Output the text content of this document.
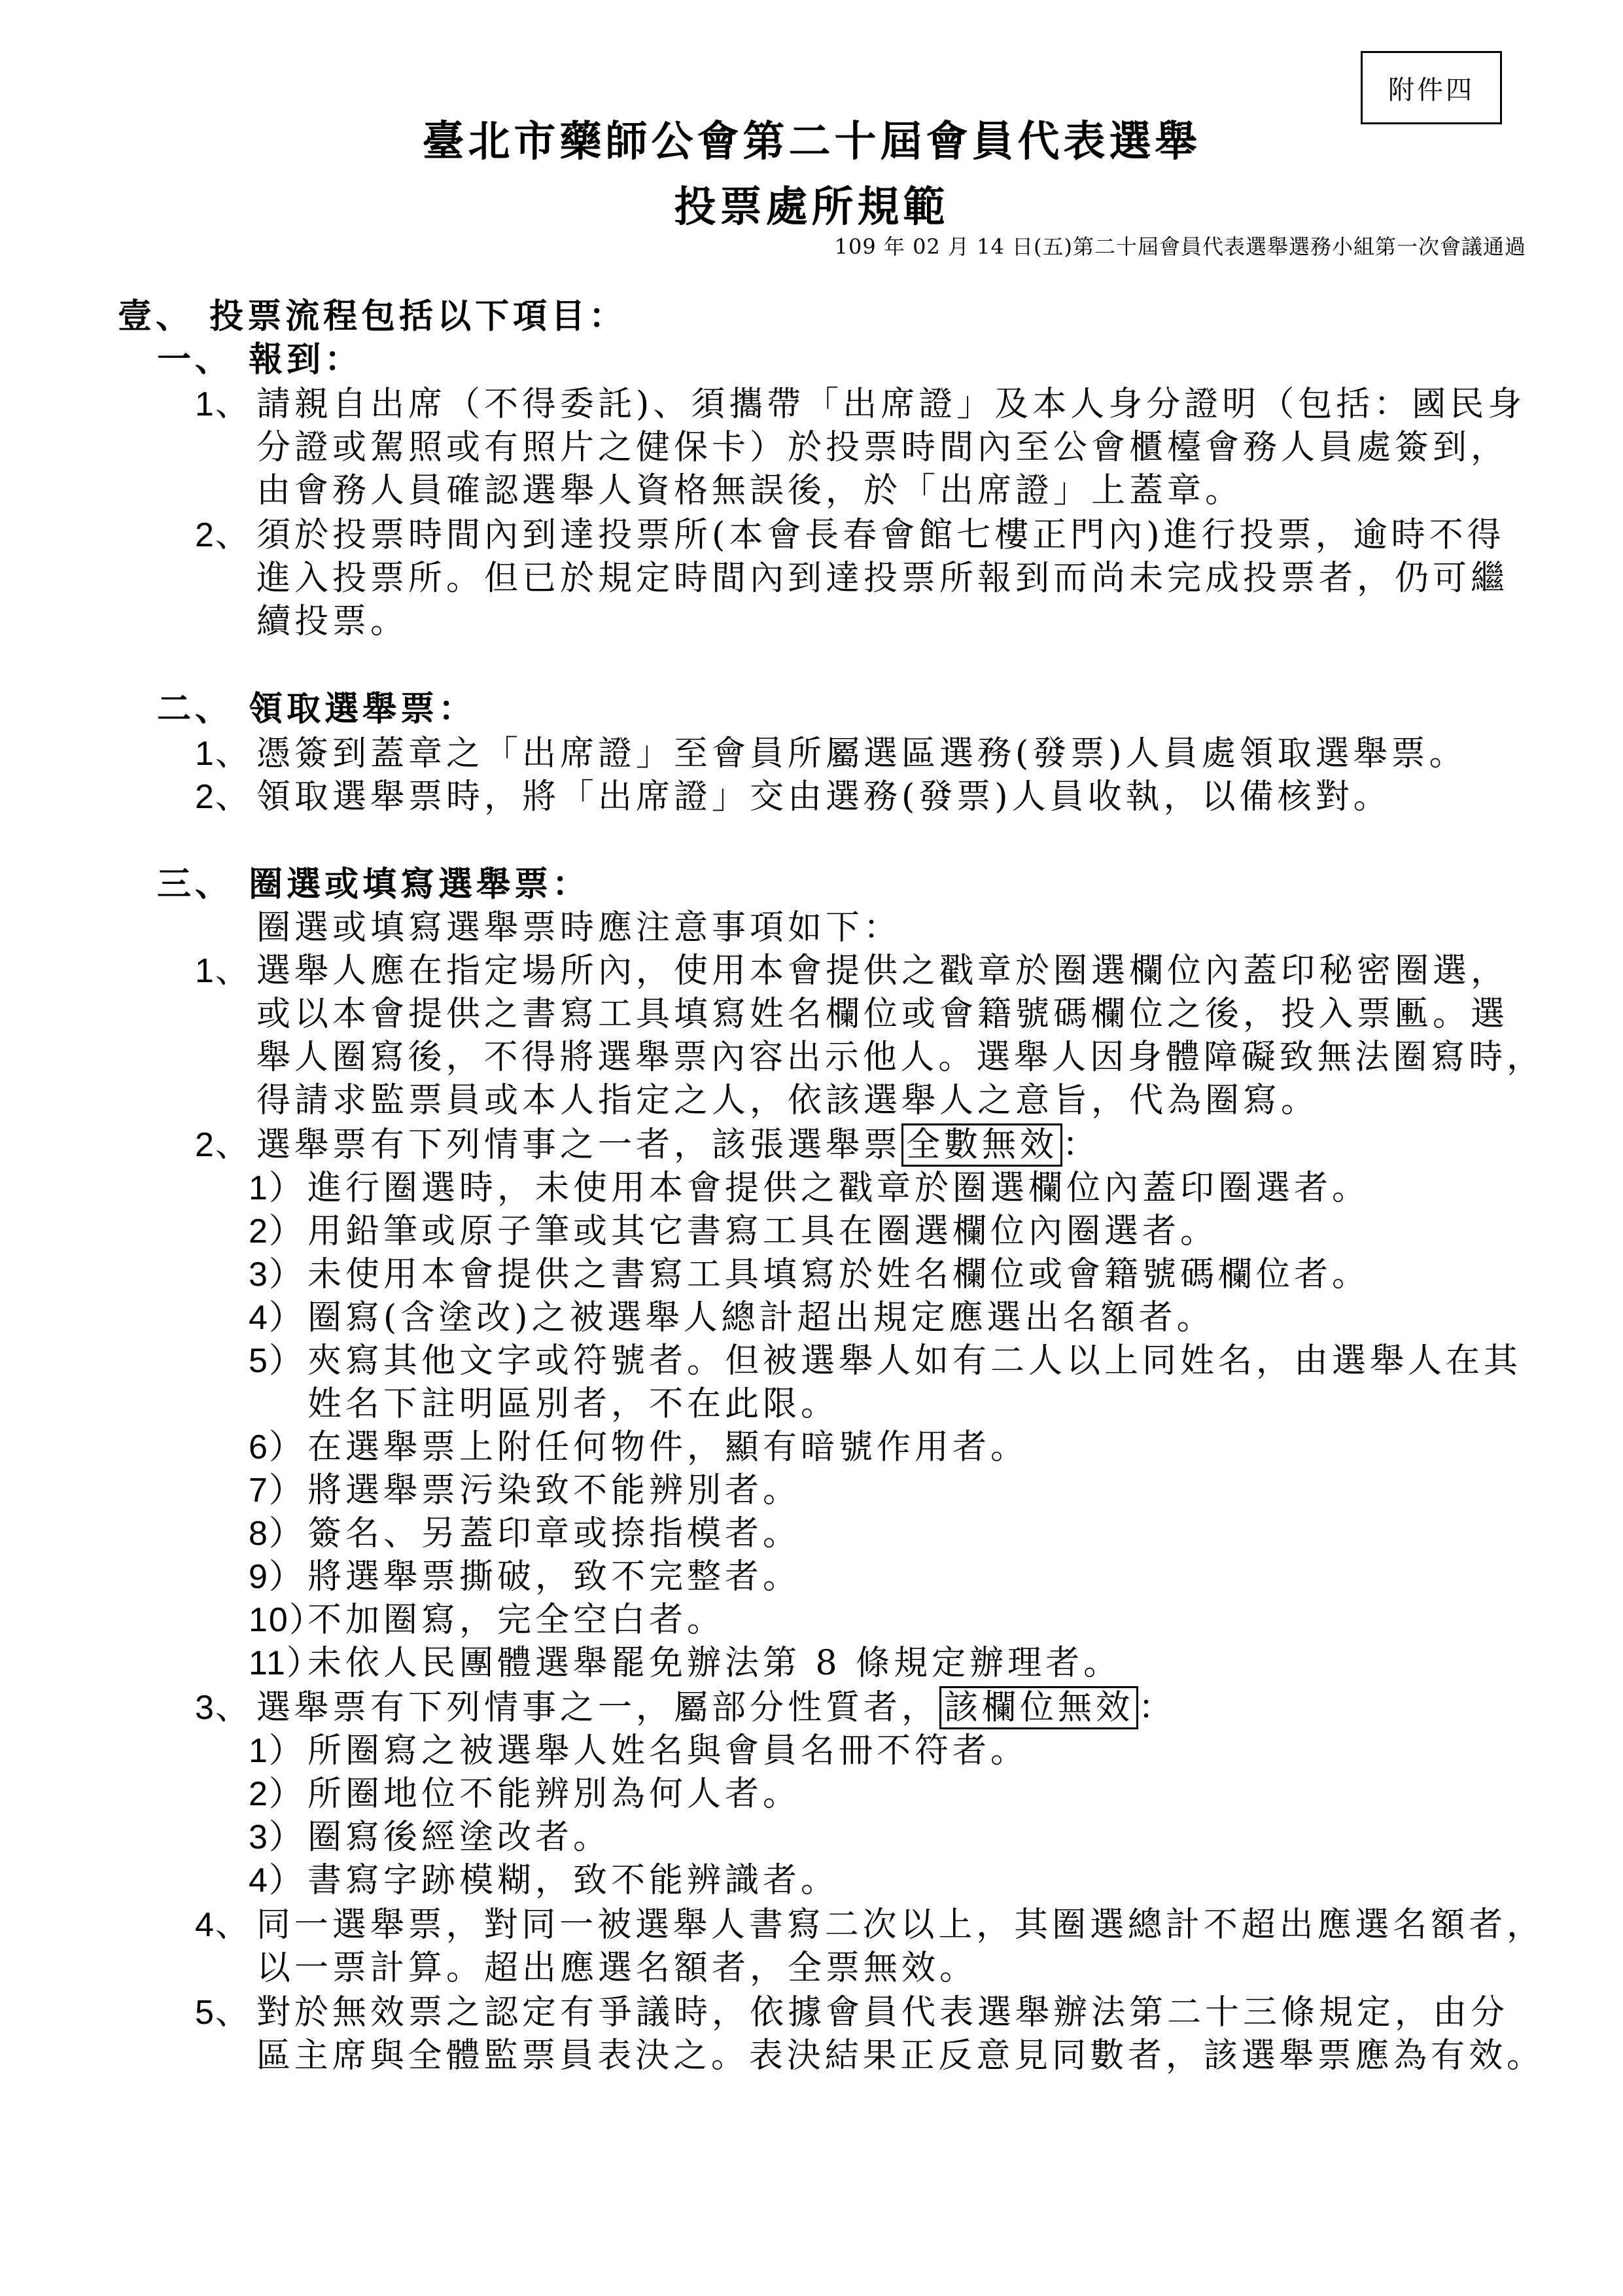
附件四
臺北市藥師公會第二十屆會員代表選舉
投票處所規範
109 年 02 月 14 日(五)第二十屆會員代表選舉選務小組第一次會議通過
壹、 投票流程包括以下項目：
一、 報到：
1、 請親自出席（不得委託)、須攜帶「出席證」及本人身分證明（包括：國民身
分證或駕照或有照片之健保卡）於投票時間內至公會櫃檯會務人員處簽到，
由會務人員確認選舉人資格無誤後，於「出席證」上蓋章。
2、 須於投票時間內到達投票所(本會長春會館七樓正門內)進行投票，逾時不得
進入投票所。但已於規定時間內到達投票所報到而尚未完成投票者，仍可繼
續投票。
二、 領取選舉票：
1、 憑簽到蓋章之「出席證」至會員所屬選區選務(發票)人員處領取選舉票。
2、 領取選舉票時，將「出席證」交由選務(發票)人員收執，以備核對。
三、 圈選或填寫選舉票：
圈選或填寫選舉票時應注意事項如下：
1、 選舉人應在指定場所內，使用本會提供之戳章於圈選欄位內蓋印秘密圈選，
或以本會提供之書寫工具填寫姓名欄位或會籍號碼欄位之後，投入票匭。選
舉人圈寫後，不得將選舉票內容出示他人。選舉人因身體障礙致無法圈寫時，
得請求監票員或本人指定之人，依該選舉人之意旨，代為圈寫。
2、 選舉票有下列情事之一者，該張選舉票 全數無效 ：
1）進行圈選時，未使用本會提供之戳章於圈選欄位內蓋印圈選者。
2）用鉛筆或原子筆或其它書寫工具在圈選欄位內圈選者。
3）未使用本會提供之書寫工具填寫於姓名欄位或會籍號碼欄位者。
4）圈寫(含塗改)之被選舉人總計超出規定應選出名額者。
5）夾寫其他文字或符號者。但被選舉人如有二人以上同姓名，由選舉人在其
姓名下註明區別者，不在此限。
6）在選舉票上附任何物件，顯有暗號作用者。
7）將選舉票污染致不能辨別者。
8）簽名、另蓋印章或捺指模者。
9）將選舉票撕破，致不完整者。
10）不加圈寫，完全空白者。
11）未依人民團體選舉罷免辦法第 8 條規定辦理者。
3、 選舉票有下列情事之一，屬部分性質者， 該欄位無效 ：
1）所圈寫之被選舉人姓名與會員名冊不符者。
2）所圈地位不能辨別為何人者。
3）圈寫後經塗改者。
4）書寫字跡模糊，致不能辨識者。
4、 同一選舉票，對同一被選舉人書寫二次以上，其圈選總計不超出應選名額者，
以一票計算。超出應選名額者，全票無效。
5、 對於無效票之認定有爭議時，依據會員代表選舉辦法第二十三條規定，由分
區主席與全體監票員表決之。表決結果正反意見同數者，該選舉票應為有效。
